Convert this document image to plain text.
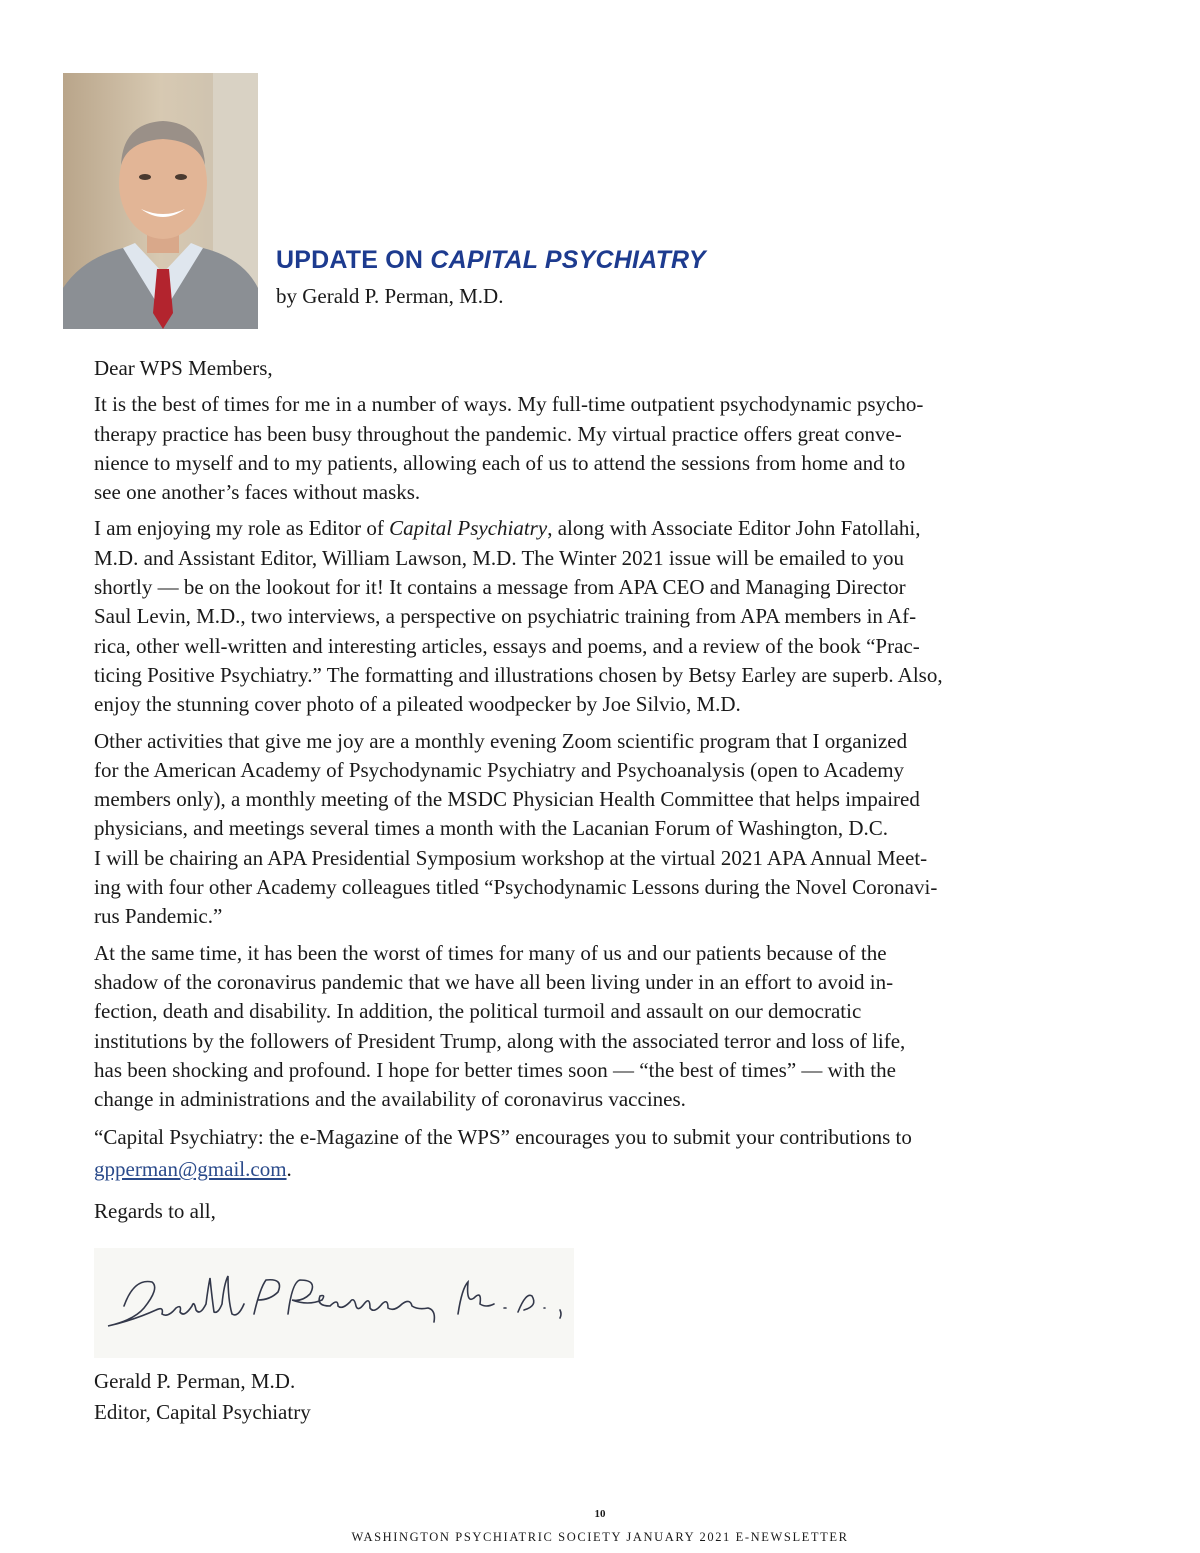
UPDATE ON CAPITAL PSYCHIATRY
by Gerald P. Perman, M.D.

Dear WPS Members,

It is the best of times for me in a number of ways. My full-time outpatient psychodynamic psycho-
therapy practice has been busy throughout the pandemic. My virtual practice offers great conve-
nience to myself and to my patients, allowing each of us to attend the sessions from home and to
see one another’s faces without masks.

I am enjoying my role as Editor of Capital Psychiatry, along with Associate Editor John Fatollahi,
M.D. and Assistant Editor, William Lawson, M.D. The Winter 2021 issue will be emailed to you
shortly — be on the lookout for it! It contains a message from APA CEO and Managing Director
Saul Levin, M.D., two interviews, a perspective on psychiatric training from APA members in Af-
rica, other well-written and interesting articles, essays and poems, and a review of the book “Prac-
ticing Positive Psychiatry.” The formatting and illustrations chosen by Betsy Earley are superb. Also,
enjoy the stunning cover photo of a pileated woodpecker by Joe Silvio, M.D.

Other activities that give me joy are a monthly evening Zoom scientific program that I organized
for the American Academy of Psychodynamic Psychiatry and Psychoanalysis (open to Academy
members only), a monthly meeting of the MSDC Physician Health Committee that helps impaired
physicians, and meetings several times a month with the Lacanian Forum of Washington, D.C.
I will be chairing an APA Presidential Symposium workshop at the virtual 2021 APA Annual Meet-
ing with four other Academy colleagues titled “Psychodynamic Lessons during the Novel Coronavi-
rus Pandemic.”

At the same time, it has been the worst of times for many of us and our patients because of the
shadow of the coronavirus pandemic that we have all been living under in an effort to avoid in-
fection, death and disability. In addition, the political turmoil and assault on our democratic
institutions by the followers of President Trump, along with the associated terror and loss of life,
has been shocking and profound. I hope for better times soon — “the best of times” — with the
change in administrations and the availability of coronavirus vaccines.

“Capital Psychiatry: the e-Magazine of the WPS” encourages you to submit your contributions to
gpperman@gmail.com.

Regards to all,

Gerald P. Perman, M.D.
Editor, Capital Psychiatry
10
WASHINGTON PSYCHIATRIC SOCIETY JANUARY 2021 E-NEWSLETTER
